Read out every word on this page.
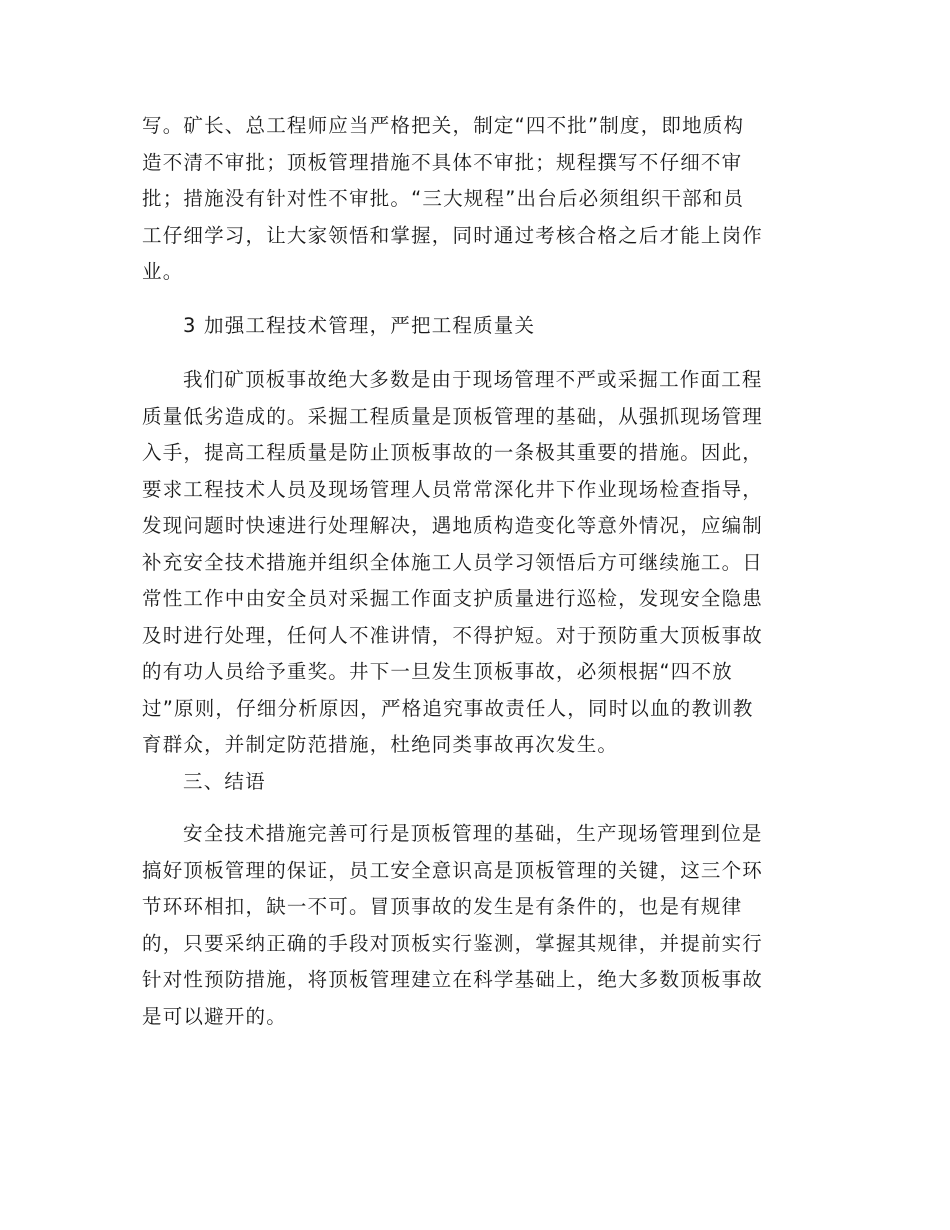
写。矿长、总工程师应当严格把关，制定“四不批”制度，即地质构
造不清不审批；顶板管理措施不具体不审批；规程撰写不仔细不审
批；措施没有针对性不审批。“三大规程”出台后必须组织干部和员
工仔细学习，让大家领悟和掌握，同时通过考核合格之后才能上岗作
业。
3 加强工程技术管理，严把工程质量关
我们矿顶板事故绝大多数是由于现场管理不严或采掘工作面工程
质量低劣造成的。采掘工程质量是顶板管理的基础，从强抓现场管理
入手，提高工程质量是防止顶板事故的一条极其重要的措施。因此，
要求工程技术人员及现场管理人员常常深化井下作业现场检查指导，
发现问题时快速进行处理解决，遇地质构造变化等意外情况，应编制
补充安全技术措施并组织全体施工人员学习领悟后方可继续施工。日
常性工作中由安全员对采掘工作面支护质量进行巡检，发现安全隐患
及时进行处理，任何人不准讲情，不得护短。对于预防重大顶板事故
的有功人员给予重奖。井下一旦发生顶板事故，必须根据“四不放
过”原则，仔细分析原因，严格追究事故责任人，同时以血的教训教
育群众，并制定防范措施，杜绝同类事故再次发生。
三、结语
安全技术措施完善可行是顶板管理的基础，生产现场管理到位是
搞好顶板管理的保证，员工安全意识高是顶板管理的关键，这三个环
节环环相扣，缺一不可。冒顶事故的发生是有条件的，也是有规律
的，只要采纳正确的手段对顶板实行鉴测，掌握其规律，并提前实行
针对性预防措施，将顶板管理建立在科学基础上，绝大多数顶板事故
是可以避开的。
